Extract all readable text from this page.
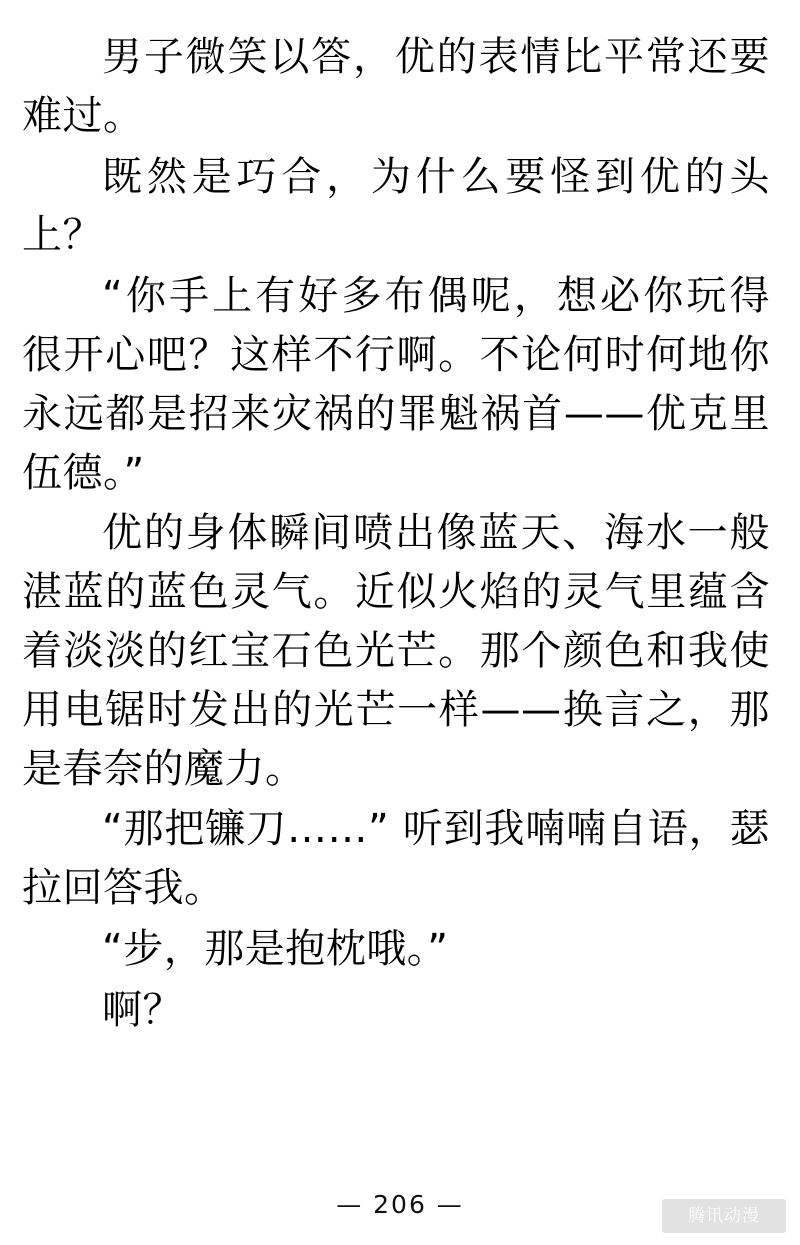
男子微笑以答，优的表情比平常还要难过。

既然是巧合，为什么要怪到优的头上？

“你手上有好多布偶呢，想必你玩得很开心吧？这样不行啊。不论何时何地你永远都是招来灾祸的罪魁祸首——优克里伍德。”

优的身体瞬间喷出像蓝天、海水一般湛蓝的蓝色灵气。近似火焰的灵气里蕴含着淡淡的红宝石色光芒。那个颜色和我使用电锯时发出的光芒一样——换言之，那是春奈的魔力。

“那把镰刀……” 听到我喃喃自语，瑟拉回答我。

“步，那是抱枕哦。”

啊？

— 206 —	腾讯动漫
